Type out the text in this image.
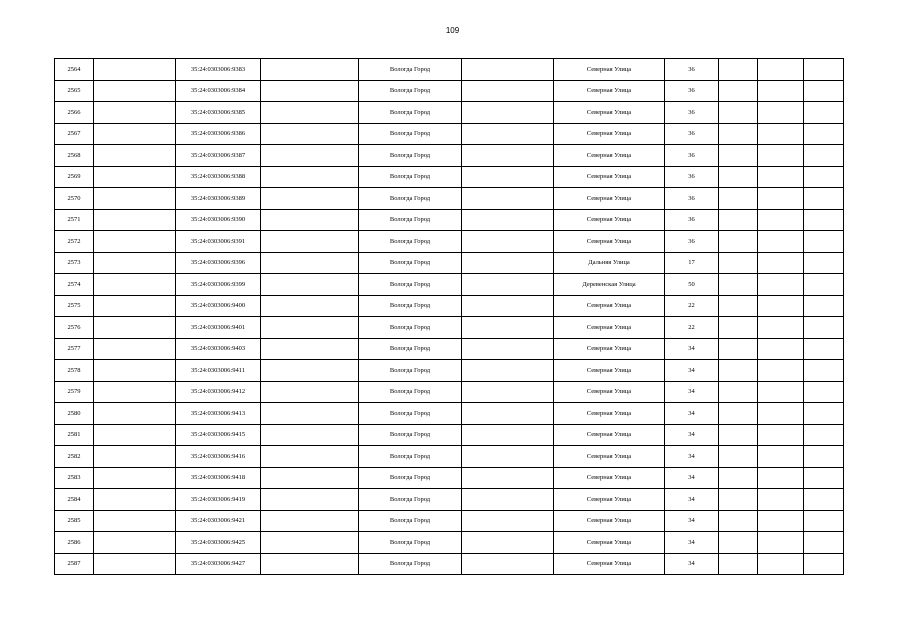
109
2564		35:24:0303006:9383		Вологда Город		Северная Улица	36			
2565		35:24:0303006:9384		Вологда Город		Северная Улица	36			
2566		35:24:0303006:9385		Вологда Город		Северная Улица	36			
2567		35:24:0303006:9386		Вологда Город		Северная Улица	36			
2568		35:24:0303006:9387		Вологда Город		Северная Улица	36			
2569		35:24:0303006:9388		Вологда Город		Северная Улица	36			
2570		35:24:0303006:9389		Вологда Город		Северная Улица	36			
2571		35:24:0303006:9390		Вологда Город		Северная Улица	36			
2572		35:24:0303006:9391		Вологда Город		Северная Улица	36			
2573		35:24:0303006:9396		Вологда Город		Дальняя Улица	17			
2574		35:24:0303006:9399		Вологда Город		Деревенская Улица	50			
2575		35:24:0303006:9400		Вологда Город		Северная Улица	22			
2576		35:24:0303006:9401		Вологда Город		Северная Улица	22			
2577		35:24:0303006:9403		Вологда Город		Северная Улица	34			
2578		35:24:0303006:9411		Вологда Город		Северная Улица	34			
2579		35:24:0303006:9412		Вологда Город		Северная Улица	34			
2580		35:24:0303006:9413		Вологда Город		Северная Улица	34			
2581		35:24:0303006:9415		Вологда Город		Северная Улица	34			
2582		35:24:0303006:9416		Вологда Город		Северная Улица	34			
2583		35:24:0303006:9418		Вологда Город		Северная Улица	34			
2584		35:24:0303006:9419		Вологда Город		Северная Улица	34			
2585		35:24:0303006:9421		Вологда Город		Северная Улица	34			
2586		35:24:0303006:9425		Вологда Город		Северная Улица	34			
2587		35:24:0303006:9427		Вологда Город		Северная Улица	34			
